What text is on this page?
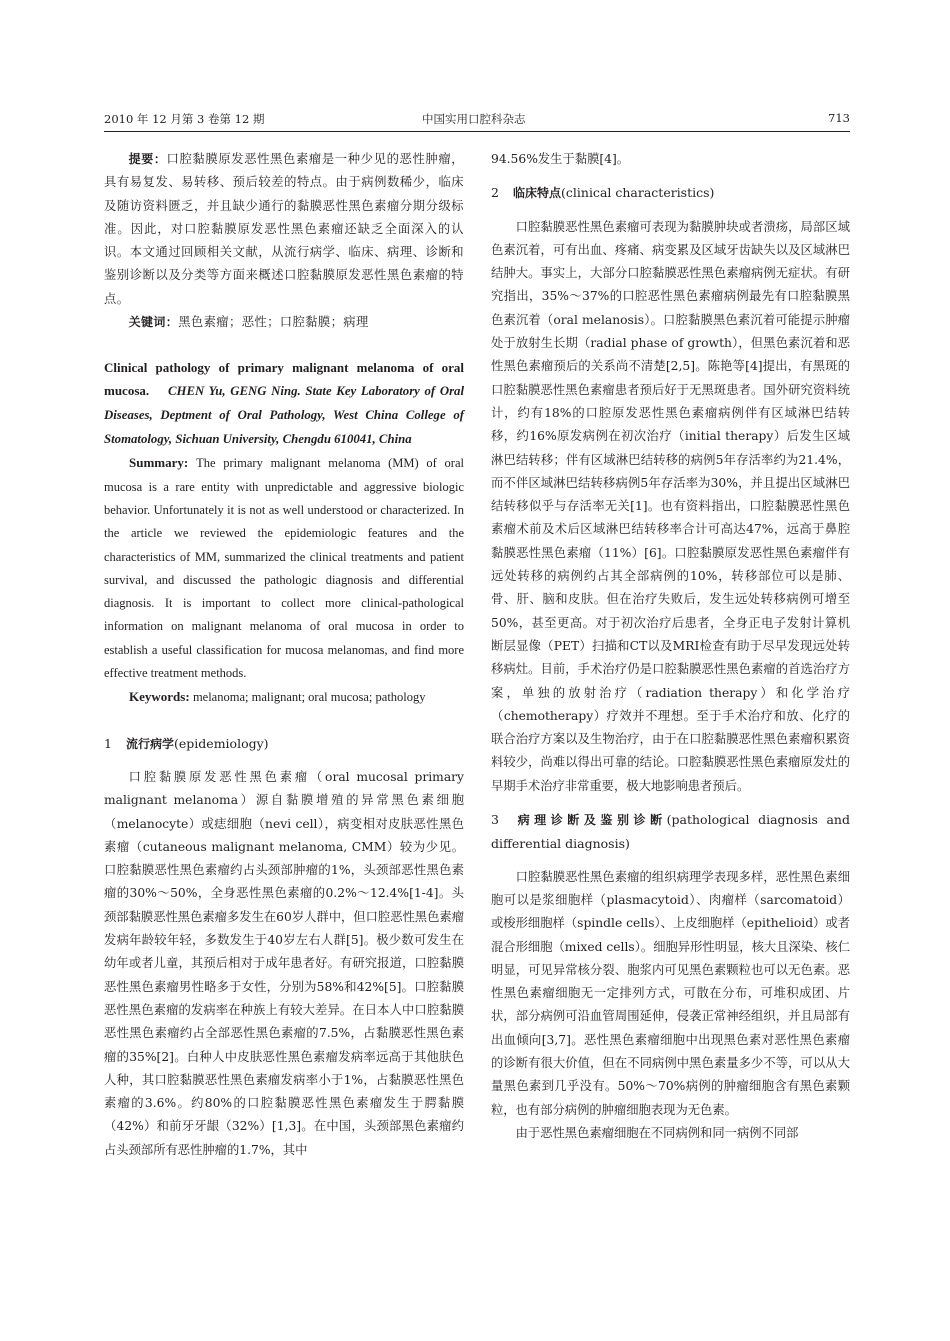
2010 年 12 月第 3 卷第 12 期	中国实用口腔科杂志	713

提要：口腔黏膜原发恶性黑色素瘤是一种少见的恶性肿瘤，具有易复发、易转移、预后较差的特点。由于病例数稀少，临床及随访资料匮乏，并且缺少通行的黏膜恶性黑色素瘤分期分级标准。因此，对口腔黏膜原发恶性黑色素瘤还缺乏全面深入的认识。本文通过回顾相关文献，从流行病学、临床、病理、诊断和鉴别诊断以及分类等方面来概述口腔黏膜原发恶性黑色素瘤的特点。

关键词：黑色素瘤；恶性；口腔黏膜；病理

Clinical pathology of primary malignant melanoma of oral mucosa. CHEN Yu, GENG Ning. State Key Laboratory of Oral Diseases, Deptment of Oral Pathology, West China College of Stomatology, Sichuan University, Chengdu 610041, China

Summary: The primary malignant melanoma (MM) of oral mucosa is a rare entity with unpredictable and aggressive biologic behavior. Unfortunately it is not as well understood or characterized. In the article we reviewed the epidemiologic features and the characteristics of MM, summarized the clinical treatments and patient survival, and discussed the pathologic diagnosis and differential diagnosis. It is important to collect more clinical-pathological information on malignant melanoma of oral mucosa in order to establish a useful classification for mucosa melanomas, and find more effective treatment methods.

Keywords: melanoma; malignant; oral mucosa; pathology

1 流行病学(epidemiology)

口腔黏膜原发恶性黑色素瘤（oral mucosal primary malignant melanoma）源自黏膜增殖的异常黑色素细胞（melanocyte）或痣细胞（nevi cell），病变相对皮肤恶性黑色素瘤（cutaneous malignant melanoma, CMM）较为少见。口腔黏膜恶性黑色素瘤约占头颈部肿瘤的1%，头颈部恶性黑色素瘤的30%～50%，全身恶性黑色素瘤的0.2%～12.4%[1-4]。头颈部黏膜恶性黑色素瘤多发生在60岁人群中，但口腔恶性黑色素瘤发病年龄较年轻，多数发生于40岁左右人群[5]。极少数可发生在幼年或者儿童，其预后相对于成年患者好。有研究报道，口腔黏膜恶性黑色素瘤男性略多于女性，分别为58%和42%[5]。口腔黏膜恶性黑色素瘤的发病率在种族上有较大差异。在日本人中口腔黏膜恶性黑色素瘤约占全部恶性黑色素瘤的7.5%，占黏膜恶性黑色素瘤的35%[2]。白种人中皮肤恶性黑色素瘤发病率远高于其他肤色人种，其口腔黏膜恶性黑色素瘤发病率小于1%，占黏膜恶性黑色素瘤的3.6%。约80%的口腔黏膜恶性黑色素瘤发生于腭黏膜（42%）和前牙牙龈（32%）[1,3]。在中国，头颈部黑色素瘤约占头颈部所有恶性肿瘤的1.7%，其中

94.56%发生于黏膜[4]。

2 临床特点(clinical characteristics)

口腔黏膜恶性黑色素瘤可表现为黏膜肿块或者溃疡，局部区域色素沉着，可有出血、疼痛、病变累及区域牙齿缺失以及区域淋巴结肿大。事实上，大部分口腔黏膜恶性黑色素瘤病例无症状。有研究指出，35%～37%的口腔恶性黑色素瘤病例最先有口腔黏膜黑色素沉着（oral melanosis）。口腔黏膜黑色素沉着可能提示肿瘤处于放射生长期（radial phase of growth），但黑色素沉着和恶性黑色素瘤预后的关系尚不清楚[2,5]。陈艳等[4]提出，有黑斑的口腔黏膜恶性黑色素瘤患者预后好于无黑斑患者。国外研究资料统计，约有18%的口腔原发恶性黑色素瘤病例伴有区域淋巴结转移，约16%原发病例在初次治疗（initial therapy）后发生区域淋巴结转移；伴有区域淋巴结转移的病例5年存活率约为21.4%，而不伴区域淋巴结转移病例5年存活率为30%，并且提出区域淋巴结转移似乎与存活率无关[1]。也有资料指出，口腔黏膜恶性黑色素瘤术前及术后区域淋巴结转移率合计可高达47%，远高于鼻腔黏膜恶性黑色素瘤（11%）[6]。口腔黏膜原发恶性黑色素瘤伴有远处转移的病例约占其全部病例的10%，转移部位可以是肺、骨、肝、脑和皮肤。但在治疗失败后，发生远处转移病例可增至50%，甚至更高。对于初次治疗后患者，全身正电子发射计算机断层显像（PET）扫描和CT以及MRI检查有助于尽早发现远处转移病灶。目前，手术治疗仍是口腔黏膜恶性黑色素瘤的首选治疗方案，单独的放射治疗（radiation therapy）和化学治疗（chemotherapy）疗效并不理想。至于手术治疗和放、化疗的联合治疗方案以及生物治疗，由于在口腔黏膜恶性黑色素瘤积累资料较少，尚难以得出可靠的结论。口腔黏膜恶性黑色素瘤原发灶的早期手术治疗非常重要，极大地影响患者预后。

3 病理诊断及鉴别诊断(pathological diagnosis and differential diagnosis)

口腔黏膜恶性黑色素瘤的组织病理学表现多样，恶性黑色素细胞可以是浆细胞样（plasmacytoid）、肉瘤样（sarcomatoid）或梭形细胞样（spindle cells）、上皮细胞样（epithelioid）或者混合形细胞（mixed cells）。细胞异形性明显，核大且深染、核仁明显，可见异常核分裂、胞浆内可见黑色素颗粒也可以无色素。恶性黑色素瘤细胞无一定排列方式，可散在分布，可堆积成团、片状，部分病例可沿血管周围延伸，侵袭正常神经组织，并且局部有出血倾向[3,7]。恶性黑色素瘤细胞中出现黑色素对恶性黑色素瘤的诊断有很大价值，但在不同病例中黑色素量多少不等，可以从大量黑色素到几乎没有。50%～70%病例的肿瘤细胞含有黑色素颗粒，也有部分病例的肿瘤细胞表现为无色素。

由于恶性黑色素瘤细胞在不同病例和同一病例不同部
